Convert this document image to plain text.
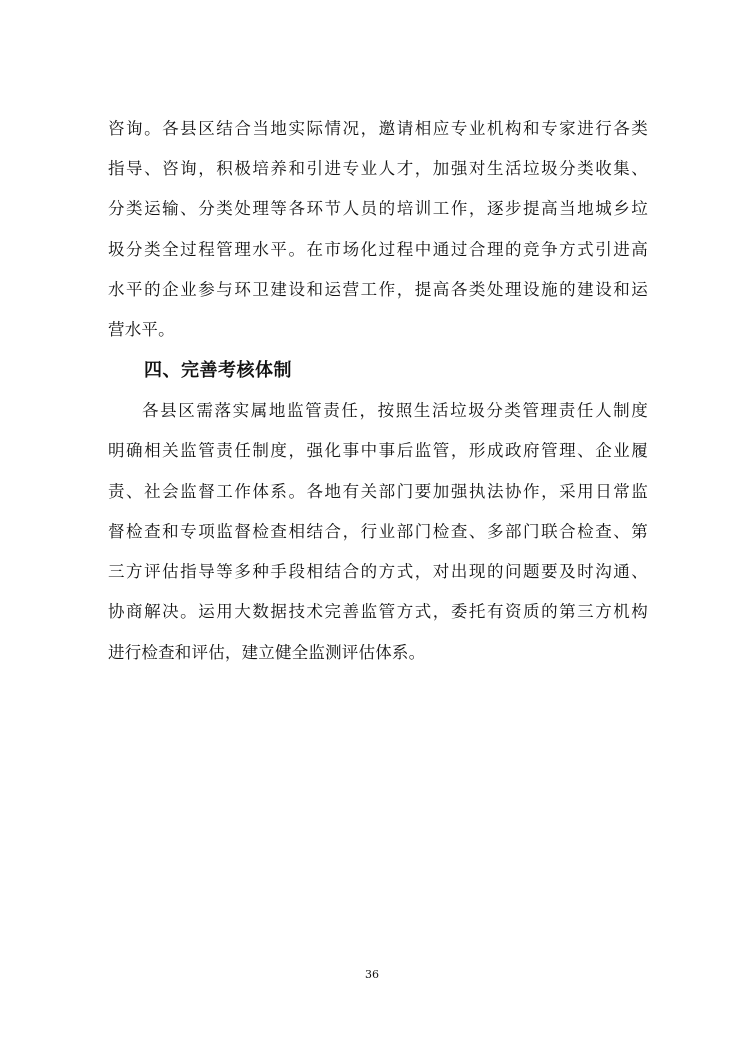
咨询。各县区结合当地实际情况，邀请相应专业机构和专家进行各类
指导、咨询，积极培养和引进专业人才，加强对生活垃圾分类收集、
分类运输、分类处理等各环节人员的培训工作，逐步提高当地城乡垃
圾分类全过程管理水平。在市场化过程中通过合理的竞争方式引进高
水平的企业参与环卫建设和运营工作，提高各类处理设施的建设和运
营水平。
四、完善考核体制
各县区需落实属地监管责任，按照生活垃圾分类管理责任人制度
明确相关监管责任制度，强化事中事后监管，形成政府管理、企业履
责、社会监督工作体系。各地有关部门要加强执法协作，采用日常监
督检查和专项监督检查相结合，行业部门检查、多部门联合检查、第
三方评估指导等多种手段相结合的方式，对出现的问题要及时沟通、
协商解决。运用大数据技术完善监管方式，委托有资质的第三方机构
进行检查和评估，建立健全监测评估体系。
36
